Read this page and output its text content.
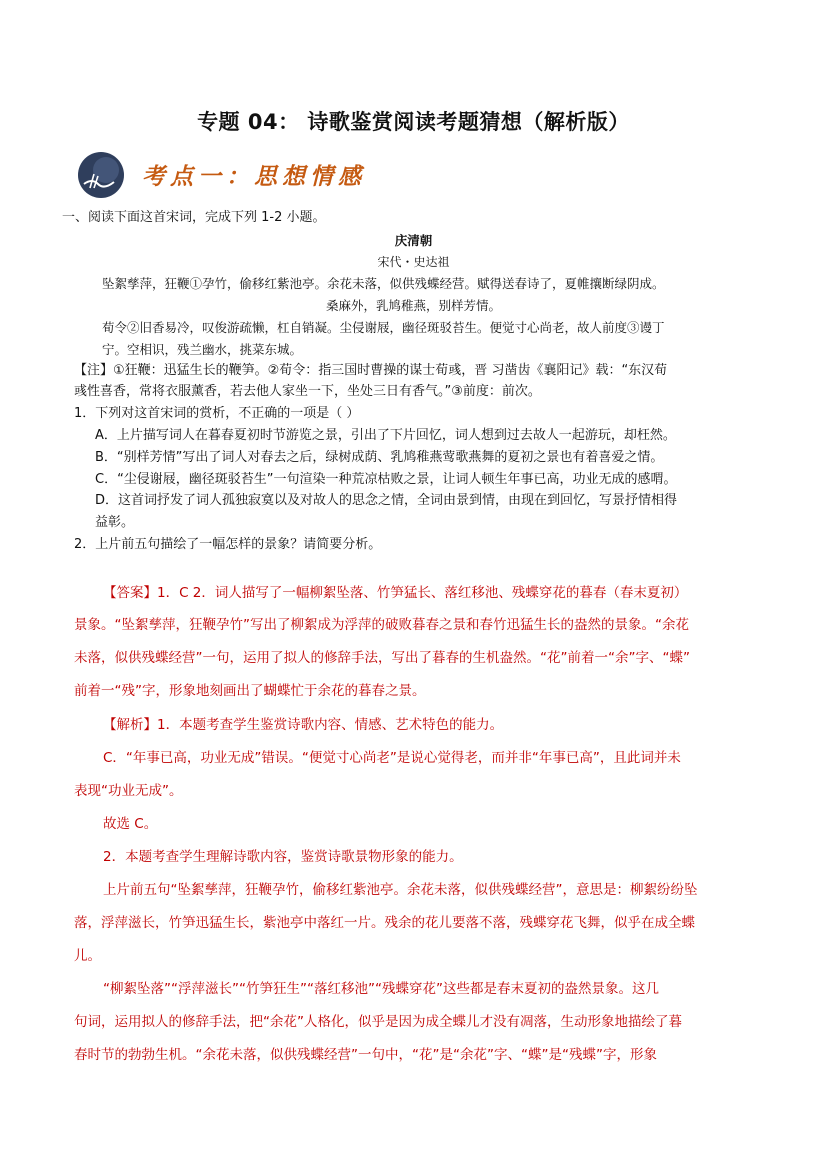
专题 04： 诗歌鉴赏阅读考题猜想（解析版）
考点一：思想情感
一、阅读下面这首宋词，完成下列 1-2 小题。
庆清朝
宋代・史达祖
坠絮孳萍，狂鞭①孕竹，偷移红紫池亭。余花未落，似供残蝶经营。赋得送春诗了，夏帷攘断绿阴成。
桑麻外，乳鸠稚燕，别样芳情。
荀令②旧香易冷，叹俊游疏懒，杠自销凝。尘侵谢屐，幽径斑驳苔生。便觉寸心尚老，故人前度③谩丁
宁。空相识，残兰幽水，挑菜东城。
【注】①狂鞭：迅猛生长的鞭笋。②荀令：指三国时曹操的谋士荀彧，晋 习凿齿《襄阳记》载：“东汉荀
彧性喜香，常将衣服薰香，若去他人家坐一下，坐处三日有香气。”③前度：前次。
1．下列对这首宋词的赏析，不正确的一项是（ ）
A．上片描写词人在暮春夏初时节游览之景，引出了下片回忆，词人想到过去故人一起游玩，却枉然。
B．“别样芳情”写出了词人对春去之后，绿树成荫、乳鸠稚燕莺歌燕舞的夏初之景也有着喜爱之情。
C．“尘侵谢屐，幽径斑驳苔生”一句渲染一种荒凉枯败之景，让词人顿生年事已高，功业无成的感喟。
D．这首词抒发了词人孤独寂寞以及对故人的思念之情，全词由景到情，由现在到回忆，写景抒情相得
益彰。
2．上片前五句描绘了一幅怎样的景象？请简要分析。
【答案】1．C 2．词人描写了一幅柳絮坠落、竹笋猛长、落红移池、残蝶穿花的暮春（春末夏初）
景象。“坠絮孳萍，狂鞭孕竹”写出了柳絮成为浮萍的破败暮春之景和春竹迅猛生长的盎然的景象。“余花
未落，似供残蝶经营”一句，运用了拟人的修辞手法，写出了暮春的生机盎然。“花”前着一“余”字、“蝶”
前着一“残”字，形象地刻画出了蝴蝶忙于余花的暮春之景。
【解析】1．本题考查学生鉴赏诗歌内容、情感、艺术特色的能力。
C．“年事已高，功业无成”错误。“便觉寸心尚老”是说心觉得老，而并非“年事已高”，且此词并未
表现“功业无成”。
故选 C。
2．本题考查学生理解诗歌内容，鉴赏诗歌景物形象的能力。
上片前五句“坠絮孳萍，狂鞭孕竹，偷移红紫池亭。余花未落，似供残蝶经营”，意思是：柳絮纷纷坠
落，浮萍滋长，竹笋迅猛生长，紫池亭中落红一片。残余的花儿要落不落，残蝶穿花飞舞，似乎在成全蝶
儿。
“柳絮坠落”“浮萍滋长”“竹笋狂生”“落红移池”“残蝶穿花”这些都是春末夏初的盎然景象。这几
句词，运用拟人的修辞手法，把“余花”人格化，似乎是因为成全蝶儿才没有凋落，生动形象地描绘了暮
春时节的勃勃生机。“余花未落，似供残蝶经营”一句中，“花”是“余花”字、“蝶”是“残蝶”字，形象
